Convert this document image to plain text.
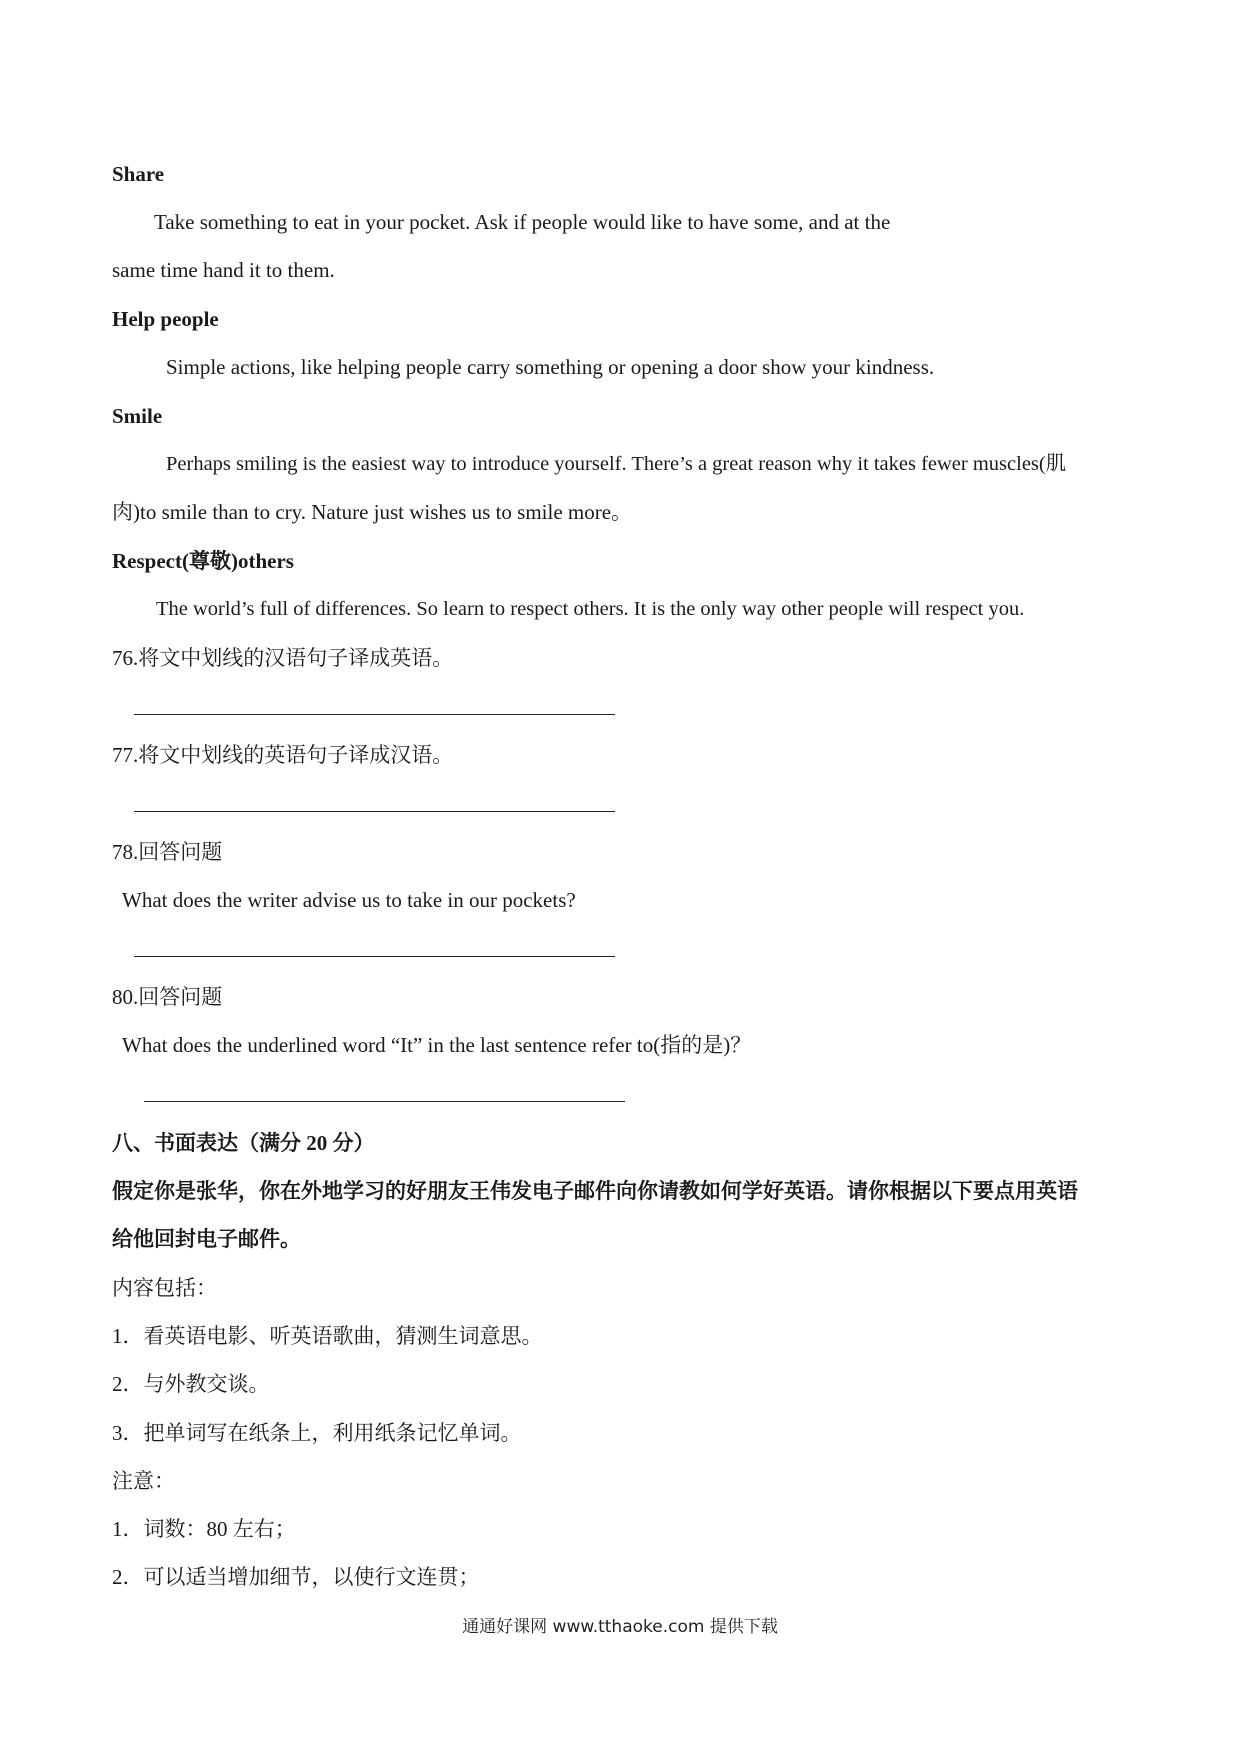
Share
Take something to eat in your pocket. Ask if people would like to have some, and at the
same time hand it to them.
Help people
Simple actions, like helping people carry something or opening a door show your kindness.
Smile
Perhaps smiling is the easiest way to introduce yourself. There’s a great reason why it takes fewer muscles(肌
肉)to smile than to cry. Nature just wishes us to smile more。
Respect(尊敬)others
The world’s full of differences. So learn to respect others. It is the only way other people will respect you.
76.将文中划线的汉语句子译成英语。
77.将文中划线的英语句子译成汉语。
78.回答问题
What does the writer advise us to take in our pockets?
80.回答问题
What does the underlined word “It” in the last sentence refer to(指的是)？
八、书面表达（满分 20 分）
假定你是张华，你在外地学习的好朋友王伟发电子邮件向你请教如何学好英语。请你根据以下要点用英语
给他回封电子邮件。
内容包括：
1．看英语电影、听英语歌曲，猜测生词意思。
2．与外教交谈。
3．把单词写在纸条上，利用纸条记忆单词。
注意：
1．词数：80 左右；
2．可以适当增加细节，以使行文连贯；
通通好课网 www.tthaoke.com 提供下载
